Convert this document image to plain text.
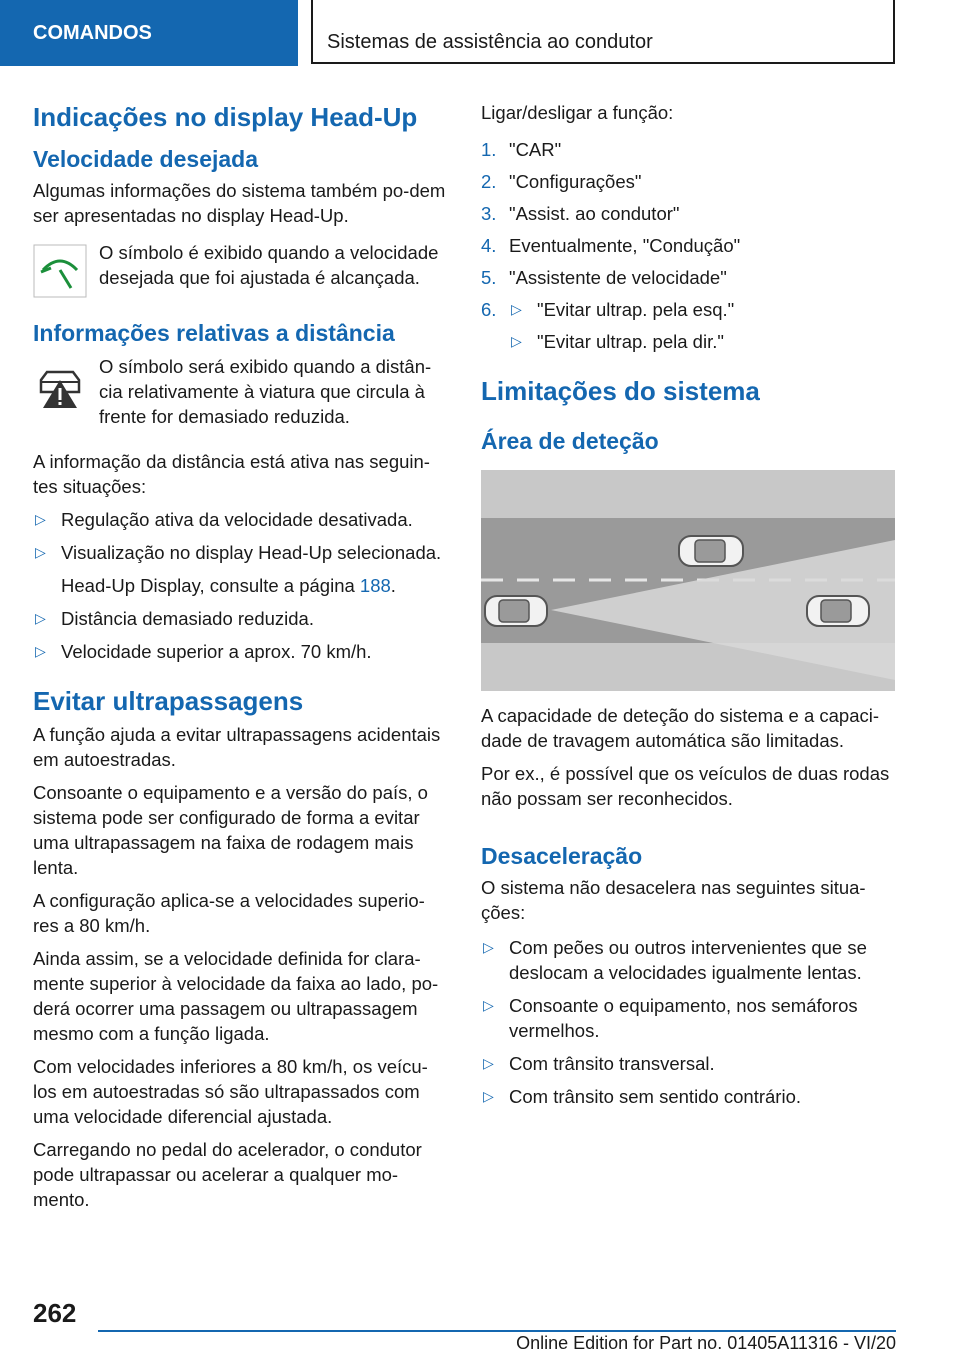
COMANDOS	Sistemas de assistência ao condutor
Indicações no display Head-Up
Velocidade desejada

Algumas informações do sistema também po-dem ser apresentadas no display Head-Up.

O símbolo é exibido quando a velocidade desejada que foi ajustada é alcançada.
Informações relativas a distância
O símbolo será exibido quando a distân-cia relativamente à viatura que circula à frente for demasiado reduzida.

A informação da distância está ativa nas seguin-tes situações:

▷ Regulação ativa da velocidade desativada.
▷ Visualização no display Head-Up selecionada.
Head-Up Display, consulte a página 188.
▷ Distância demasiado reduzida.
▷ Velocidade superior a aprox. 70 km/h.
Evitar ultrapassagens

A função ajuda a evitar ultrapassagens acidentais em autoestradas.

Consoante o equipamento e a versão do país, o sistema pode ser configurado de forma a evitar uma ultrapassagem na faixa de rodagem mais lenta.

A configuração aplica-se a velocidades superio-res a 80 km/h.

Ainda assim, se a velocidade definida for clara-mente superior à velocidade da faixa ao lado, po-derá ocorrer uma passagem ou ultrapassagem mesmo com a função ligada.

Com velocidades inferiores a 80 km/h, os veícu-los em autoestradas só são ultrapassados com uma velocidade diferencial ajustada.

Carregando no pedal do acelerador, o condutor pode ultrapassar ou acelerar a qualquer mo-mento.

Ligar/desligar a função:

1. "CAR"
2. "Configurações"
3. "Assist. ao condutor"
4. Eventualmente, "Condução"
5. "Assistente de velocidade"
6. ▷ "Evitar ultrap. pela esq."
▷ "Evitar ultrap. pela dir."
Limitações do sistema
Área de deteção

A capacidade de deteção do sistema e a capaci-dade de travagem automática são limitadas.

Por ex., é possível que os veículos de duas rodas não possam ser reconhecidos.

Desaceleração

O sistema não desacelera nas seguintes situa-ções:

▷ Com peões ou outros intervenientes que se deslocam a velocidades igualmente lentas.
▷ Consoante o equipamento, nos semáforos vermelhos.
▷ Com trânsito transversal.
▷ Com trânsito sem sentido contrário.
262
Online Edition for Part no. 01405A11316 - VI/20
